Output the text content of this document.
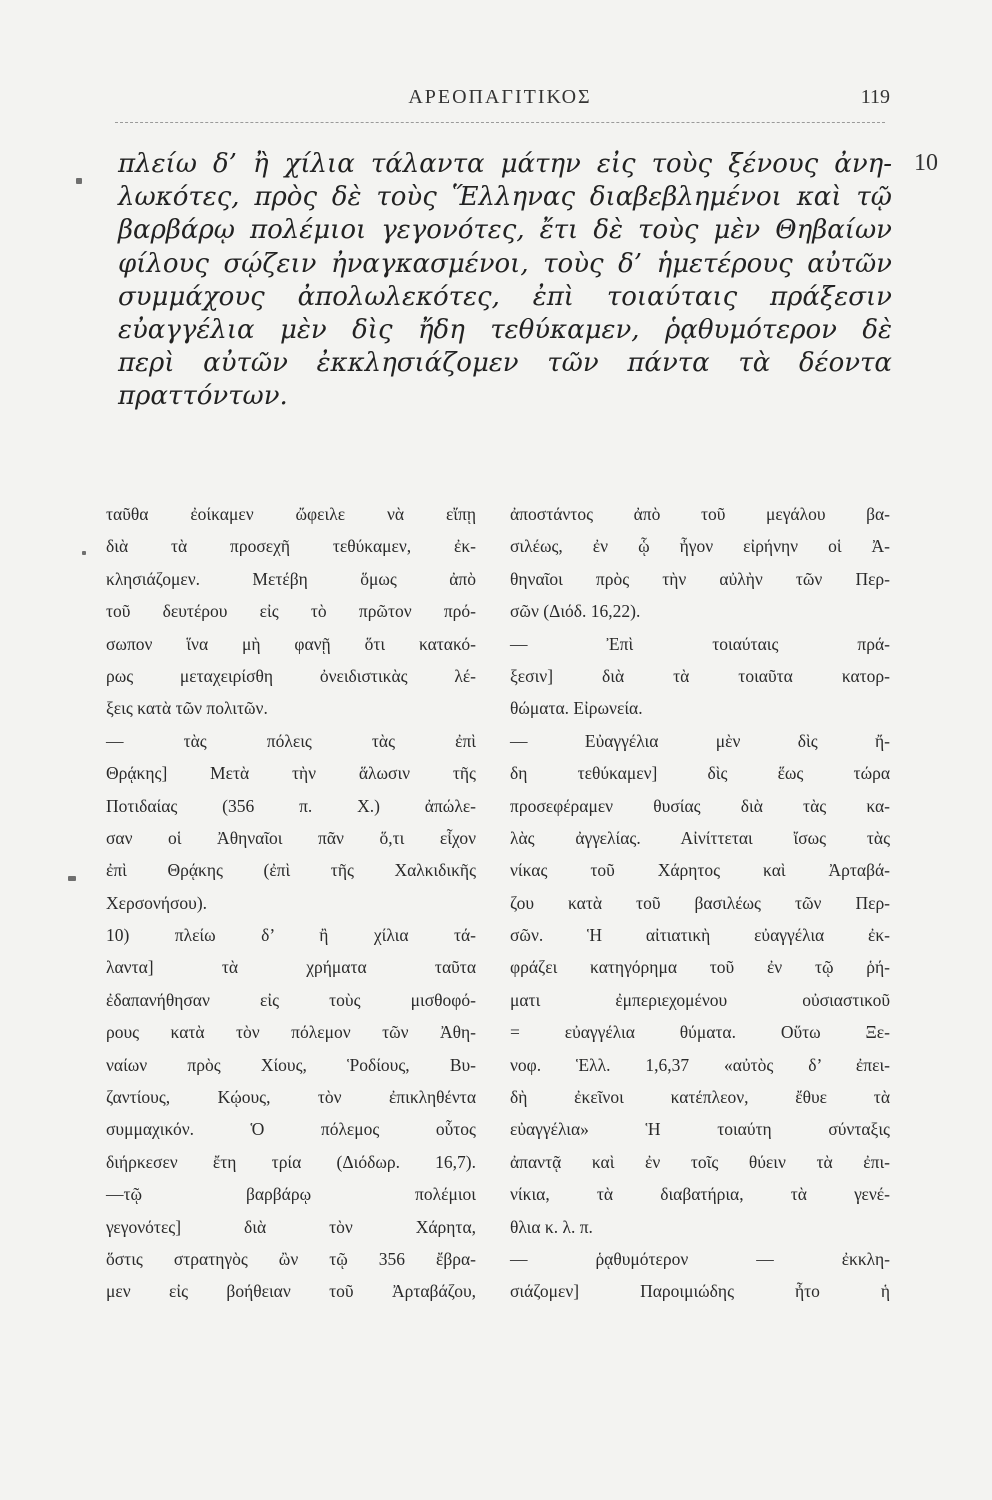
ΑΡΕΟΠΑΓΙΤΙΚΟΣ	119
10
πλείω δ’ ἢ χίλια τάλαντα μάτην εἰς τοὺς ξένους ἀνη-
λωκότες, πρὸς δὲ τοὺς Ἕλληνας διαβεβλημένοι καὶ τῷ
βαρβάρῳ πολέμιοι γεγονότες, ἔτι δὲ τοὺς μὲν Θηβαίων
φίλους σῴζειν ἠναγκασμένοι, τοὺς δ’ ἡμετέρους αὐτῶν
συμμάχους ἀπολωλεκότες, ἐπὶ τοιαύταις πράξεσιν
εὐαγγέλια μὲν δὶς ἤδη τεθύκαμεν, ῥᾳθυμότερον δὲ
περὶ αὐτῶν ἐκκλησιάζομεν τῶν πάντα τὰ δέοντα
πραττόντων.
ταῦθα ἐοίκαμεν ὤφειλε νὰ εἴπῃ
διὰ τὰ προσεχῆ τεθύκαμεν, ἐκ-
κλησιάζομεν. Μετέβη ὅμως ἀπὸ
τοῦ δευτέρου εἰς τὸ πρῶτον πρό-
σωπον ἵνα μὴ φανῇ ὅτι κατακό-
ρως μεταχειρίσθη ὀνειδιστικὰς λέ-
ξεις κατὰ τῶν πολιτῶν.
— τὰς πόλεις τὰς ἐπὶ
Θρᾴκης] Μετὰ τὴν ἅλωσιν τῆς
Ποτιδαίας (356 π. Χ.) ἀπώλε-
σαν οἱ Ἀθηναῖοι πᾶν ὅ,τι εἶχον
ἐπὶ Θρᾴκης (ἐπὶ τῆς Χαλκιδικῆς
Χερσονήσου).
10) πλείω δ’ ἢ χίλια τά-
λαντα] τὰ χρήματα ταῦτα
ἐδαπανήθησαν εἰς τοὺς μισθοφό-
ρους κατὰ τὸν πόλεμον τῶν Ἀθη-
ναίων πρὸς Χίους, Ῥοδίους, Βυ-
ζαντίους, Κῴους, τὸν ἐπικληθέντα
συμμαχικόν. Ὁ πόλεμος οὗτος
διήρκεσεν ἔτη τρία (Διόδωρ. 16,7).
—τῷ βαρβάρῳ πολέμιοι
γεγονότες] διὰ τὸν Χάρητα,
ὅστις στρατηγὸς ὢν τῷ 356 ἔβρα-
μεν εἰς βοήθειαν τοῦ Ἀρταβάζου,
ἀποστάντος ἀπὸ τοῦ μεγάλου βα-
σιλέως, ἐν ᾧ ἦγον εἰρήνην οἱ Ἀ-
θηναῖοι πρὸς τὴν αὐλὴν τῶν Περ-
σῶν (Διόδ. 16,22).
— Ἐπὶ τοιαύταις πρά-
ξεσιν] διὰ τὰ τοιαῦτα κατορ-
θώματα. Εἰρωνεία.
— Εὐαγγέλια μὲν δὶς ἤ-
δη τεθύκαμεν] δὶς ἕως τώρα
προσεφέραμεν θυσίας διὰ τὰς κα-
λὰς ἀγγελίας. Αἰνίττεται ἴσως τὰς
νίκας τοῦ Χάρητος καὶ Ἀρταβά-
ζου κατὰ τοῦ βασιλέως τῶν Περ-
σῶν. Ἡ αἰτιατικὴ εὐαγγέλια ἐκ-
φράζει κατηγόρημα τοῦ ἐν τῷ ῥή-
ματι ἐμπεριεχομένου οὐσιαστικοῦ
= εὐαγγέλια θύματα. Οὕτω Ξε-
νοφ. Ἑλλ. 1,6,37 «αὐτὸς δ’ ἐπει-
δὴ ἐκεῖνοι κατέπλεον, ἔθυε τὰ
εὐαγγέλια» Ἡ τοιαύτη σύνταξις
ἀπαντᾷ καὶ ἐν τοῖς θύειν τὰ ἐπι-
νίκια, τὰ διαβατήρια, τὰ γενέ-
θλια κ. λ. π.
— ῥᾳθυμότερον — ἐκκλη-
σιάζομεν] Παροιμιώδης ἦτο ἡ
